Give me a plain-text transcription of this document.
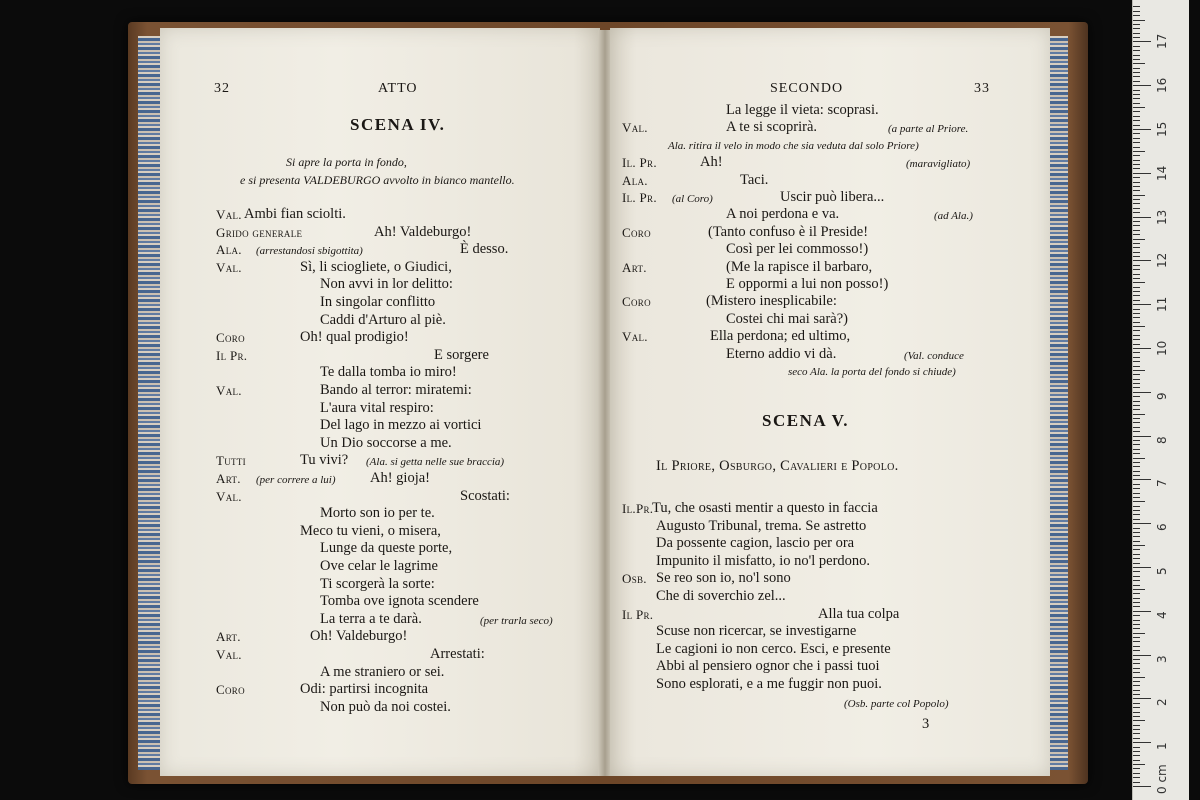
32	ATTO
SCENA IV.
Si apre la porta in fondo,
e si presenta VALDEBURGO avvolto in bianco mantello.
Val. Ambi fian sciolti.
Grido generale	Ah! Valdeburgo!
Ala. (arrestandosi sbigottita)	È desso.
Val.	Sì, li sciogliete, o Giudici,
Non avvi in lor delitto:
In singolar conflitto
Caddi d'Arturo al piè.
Coro	Oh! qual prodigio!
Il Pr.	E sorgere
Te dalla tomba io miro!
Val.	Bando al terror: miratemi:
L'aura vital respiro:
Del lago in mezzo ai vortici
Un Dio soccorse a me.
Tutti	Tu vivi? (Ala. si getta nelle sue braccia)
Art. (per correre a lui) Ah! gioja!
Val.	Scostati:
Morto son io per te.
Meco tu vieni, o misera,
Lunge da queste porte,
Ove celar le lagrime
Ti scorgerà la sorte:
Tomba ove ignota scendere
La terra a te darà.	(per trarla seco)
Art.	Oh! Valdeburgo!
Val.	Arrestati:
A me straniero or sei.
Coro	Odi: partirsi incognita
Non può da noi costei.
SECONDO	33
La legge il vieta: scopr​asi.
Val.	A te si scoprirà.	(a parte al Priore.
Ala. ritira il velo in modo che sia veduta dal solo Priore)
Il. Pr.	Ah!	(maravigliato)
Ala.	Taci.
Il. Pr. (al Coro)	Uscir può libera...
A noi perdona e va.	(ad Ala.)
Coro	(Tanto confuso è il Preside!
Così per lei commosso!)
Art.	(Me la rapisce il barbaro,
E oppormi a lui non posso!)
Coro	(Mistero inesplicabile:
Costei chi mai sarà?)
Val.	Ella perdona; ed ultimo,
Eterno addio vi dà.	(Val. conduce
seco Ala. la porta del fondo si chiude)
SCENA V.
Il Priore, Osburgo, Cavalieri e Popolo.
Il.Pr.
Tu, che osasti mentir a questo in faccia
Augusto Tribunal, trema. Se astretto
Da possente cagion, lascio per ora
Impunito il misfatto, io no'l perdono.
Osb. Se reo son io, no'l sono
Che di soverchio zel...
Il Pr.	Alla tua colpa
Scuse non ricercar, se investigarne
Le cagioni io non cerco. Esci, e presente
Abbi al pensiero ognor che i passi tuoi
Sono esplorati, e a me fuggir non puoi.
(Osb. parte col Popolo)
3
0 cm
1
2
3
4
5
6
7
8
9
10
11
12
13
14
15
16
17
